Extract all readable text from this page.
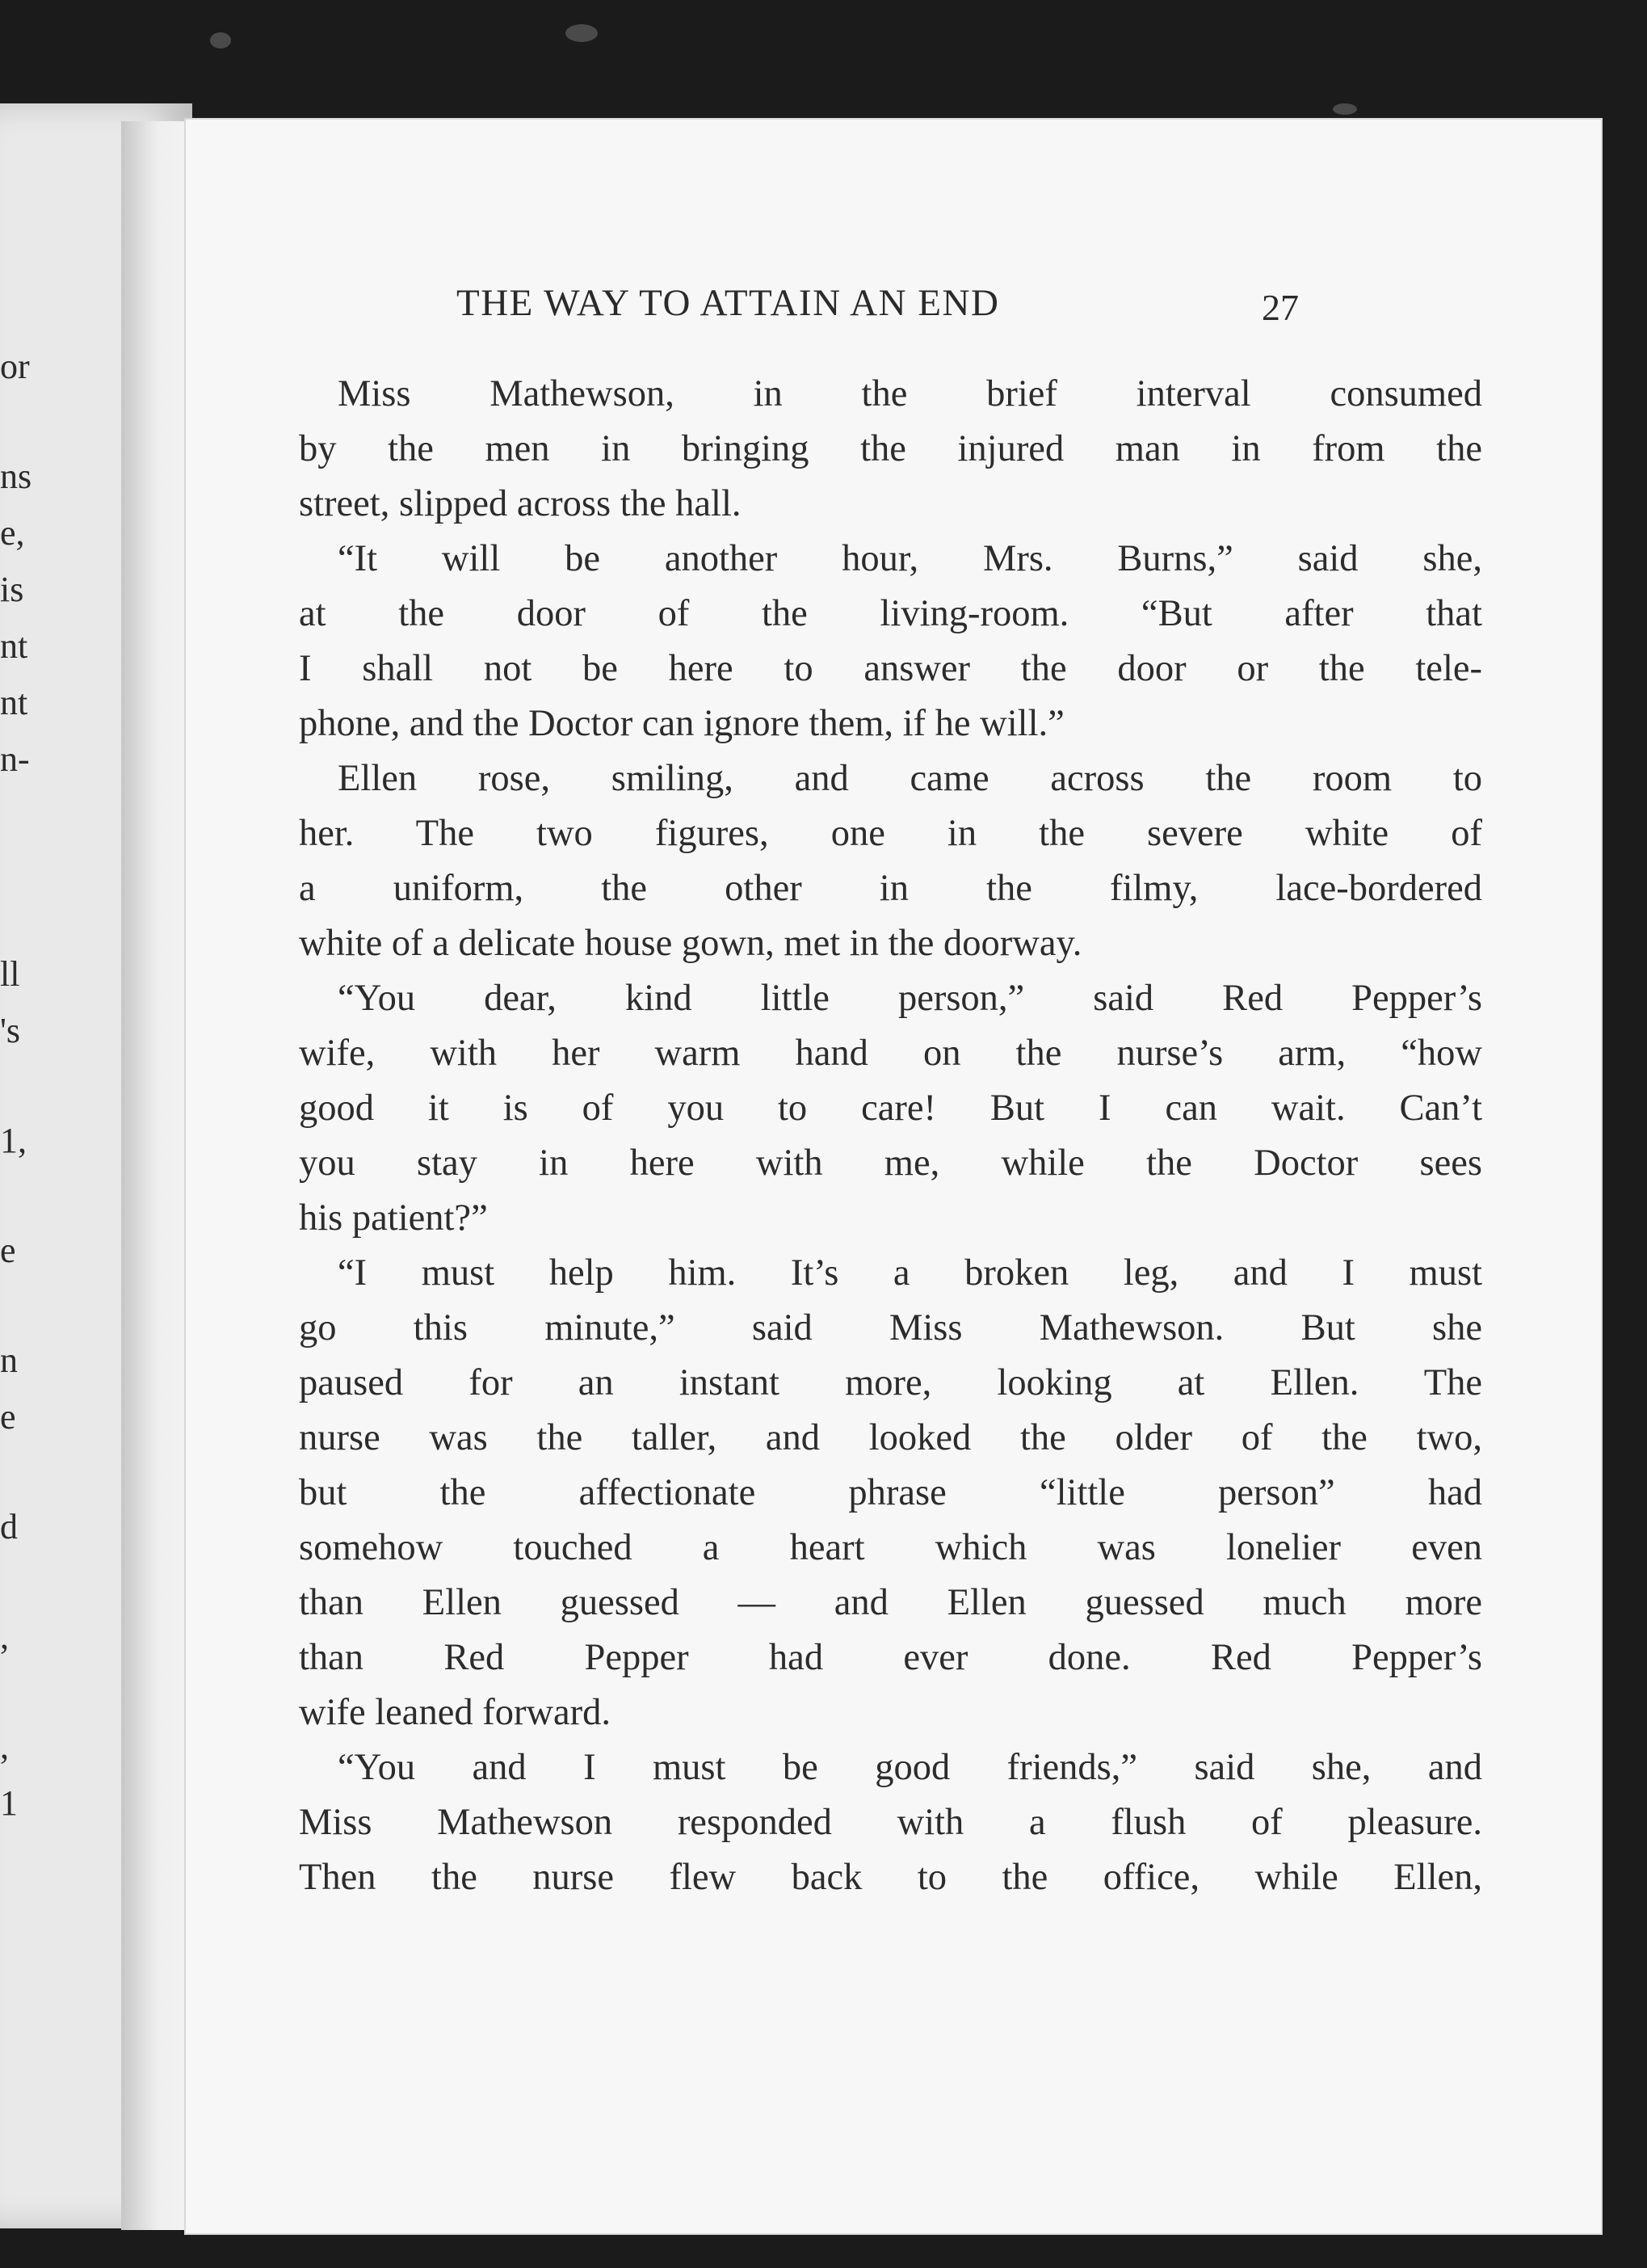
or
ns
e,
is
nt
nt
n-
ll
's
1,
e
n
e
d
,
,
1
THE WAY TO ATTAIN AN END	27
Miss Mathewson, in the brief interval consumed
by the men in bringing the injured man in from the
street, slipped across the hall.
“It will be another hour, Mrs. Burns,” said she,
at the door of the living-room. “But after that
I shall not be here to answer the door or the tele-
phone, and the Doctor can ignore them, if he will.”
Ellen rose, smiling, and came across the room to
her. The two figures, one in the severe white of
a uniform, the other in the filmy, lace-bordered
white of a delicate house gown, met in the doorway.
“You dear, kind little person,” said Red Pepper’s
wife, with her warm hand on the nurse’s arm, “how
good it is of you to care! But I can wait. Can’t
you stay in here with me, while the Doctor sees
his patient?”
“I must help him. It’s a broken leg, and I must
go this minute,” said Miss Mathewson. But she
paused for an instant more, looking at Ellen. The
nurse was the taller, and looked the older of the two,
but the affectionate phrase “little person” had
somehow touched a heart which was lonelier even
than Ellen guessed — and Ellen guessed much more
than Red Pepper had ever done. Red Pepper’s
wife leaned forward.
“You and I must be good friends,” said she, and
Miss Mathewson responded with a flush of pleasure.
Then the nurse flew back to the office, while Ellen,
